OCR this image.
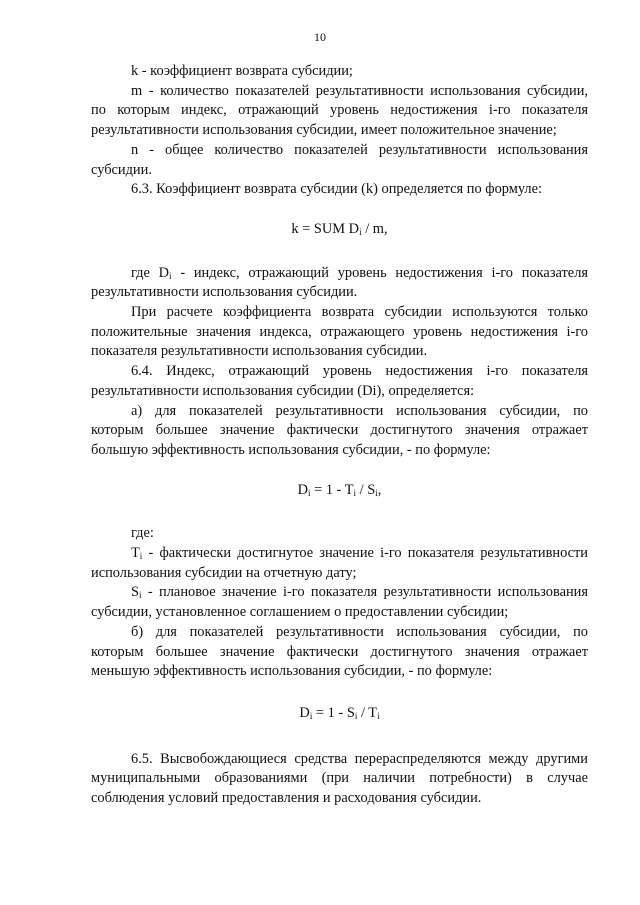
10

k - коэффициент возврата субсидии;

m - количество показателей результативности использования субсидии, по которым индекс, отражающий уровень недостижения i-го показателя результативности использования субсидии, имеет положительное значение;

n - общее количество показателей результативности использования субсидии.

6.3. Коэффициент возврата субсидии (k) определяется по формуле:

k = SUM $D_i$ / m,

где $D_i$ - индекс, отражающий уровень недостижения i-го показателя результативности использования субсидии.

При расчете коэффициента возврата субсидии используются только положительные значения индекса, отражающего уровень недостижения i-го показателя результативности использования субсидии.

6.4. Индекс, отражающий уровень недостижения i-го показателя результативности использования субсидии (Di), определяется:

а) для показателей результативности использования субсидии, по которым большее значение фактически достигнутого значения отражает большую эффективность использования субсидии, - по формуле:

$D_i = 1 - T_i / S_i$,

где:

$T_i$ - фактически достигнутое значение i-го показателя результативности использования субсидии на отчетную дату;

$S_i$ - плановое значение i-го показателя результативности использования субсидии, установленное соглашением о предоставлении субсидии;

б) для показателей результативности использования субсидии, по которым большее значение фактически достигнутого значения отражает меньшую эффективность использования субсидии, - по формуле:

$D_i = 1 - S_i / T_i$

6.5. Высвобождающиеся средства перераспределяются между другими муниципальными образованиями (при наличии потребности) в случае соблюдения условий предоставления и расходования субсидии.
